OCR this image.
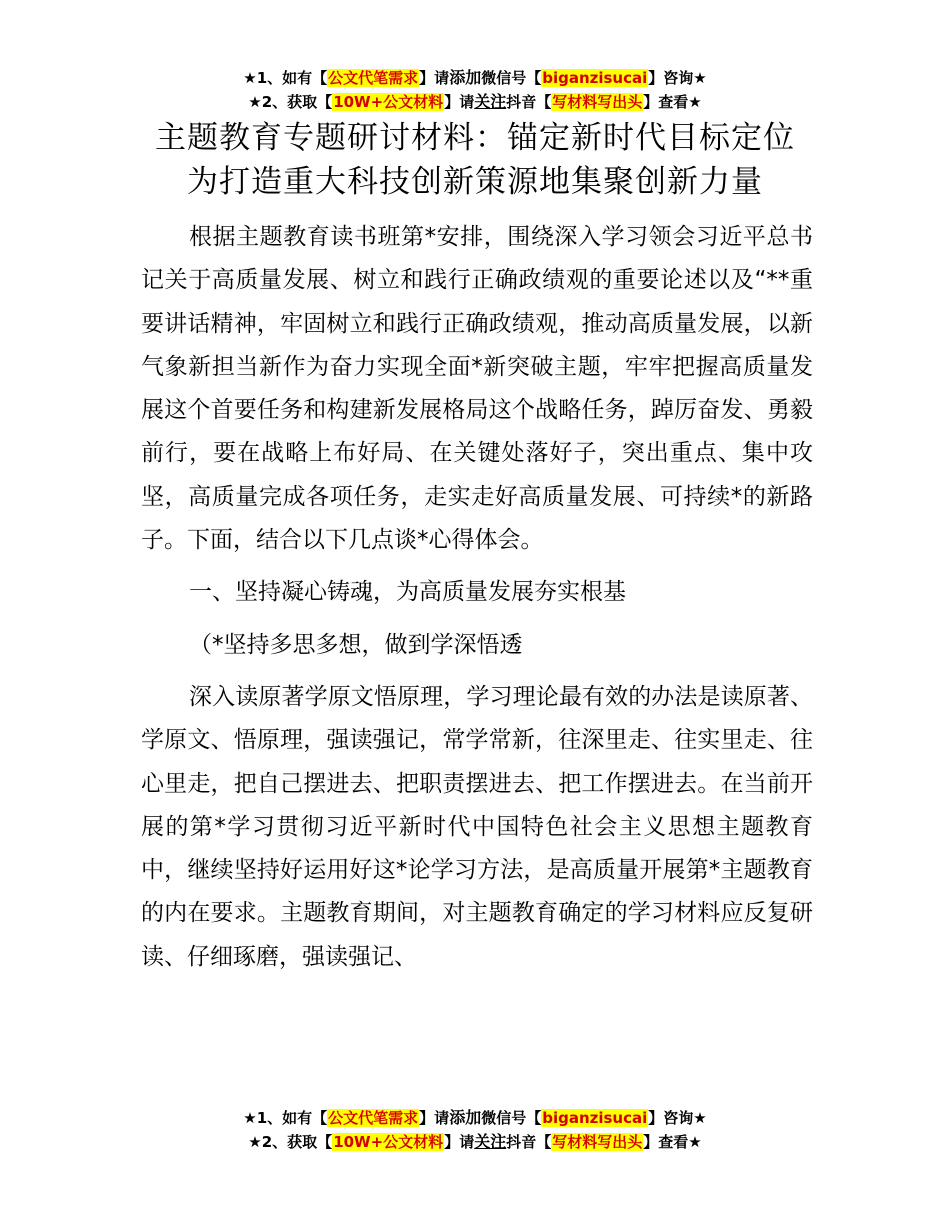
★1、如有【公文代笔需求】请添加微信号【biganzisucai】咨询★
★2、获取【10W+公文材料】请关注抖音【写材料写出头】查看★
主题教育专题研讨材料：锚定新时代目标定位
为打造重大科技创新策源地集聚创新力量

根据主题教育读书班第*安排，围绕深入学习领会习近平总书记关于高质量发展、树立和践行正确政绩观的重要论述以及“**重要讲话精神，牢固树立和践行正确政绩观，推动高质量发展，以新气象新担当新作为奋力实现全面*新突破主题，牢牢把握高质量发展这个首要任务和构建新发展格局这个战略任务，踔厉奋发、勇毅前行，要在战略上布好局、在关键处落好子，突出重点、集中攻坚，高质量完成各项任务，走实走好高质量发展、可持续*的新路子。下面，结合以下几点谈*心得体会。

一、坚持凝心铸魂，为高质量发展夯实根基

（*坚持多思多想，做到学深悟透

深入读原著学原文悟原理，学习理论最有效的办法是读原著、学原文、悟原理，强读强记，常学常新，往深里走、往实里走、往心里走，把自己摆进去、把职责摆进去、把工作摆进去。在当前开展的第*学习贯彻习近平新时代中国特色社会主义思想主题教育中，继续坚持好运用好这*论学习方法，是高质量开展第*主题教育的内在要求。主题教育期间，对主题教育确定的学习材料应反复研读、仔细琢磨，强读强记、

★1、如有【公文代笔需求】请添加微信号【biganzisucai】咨询★
★2、获取【10W+公文材料】请关注抖音【写材料写出头】查看★
